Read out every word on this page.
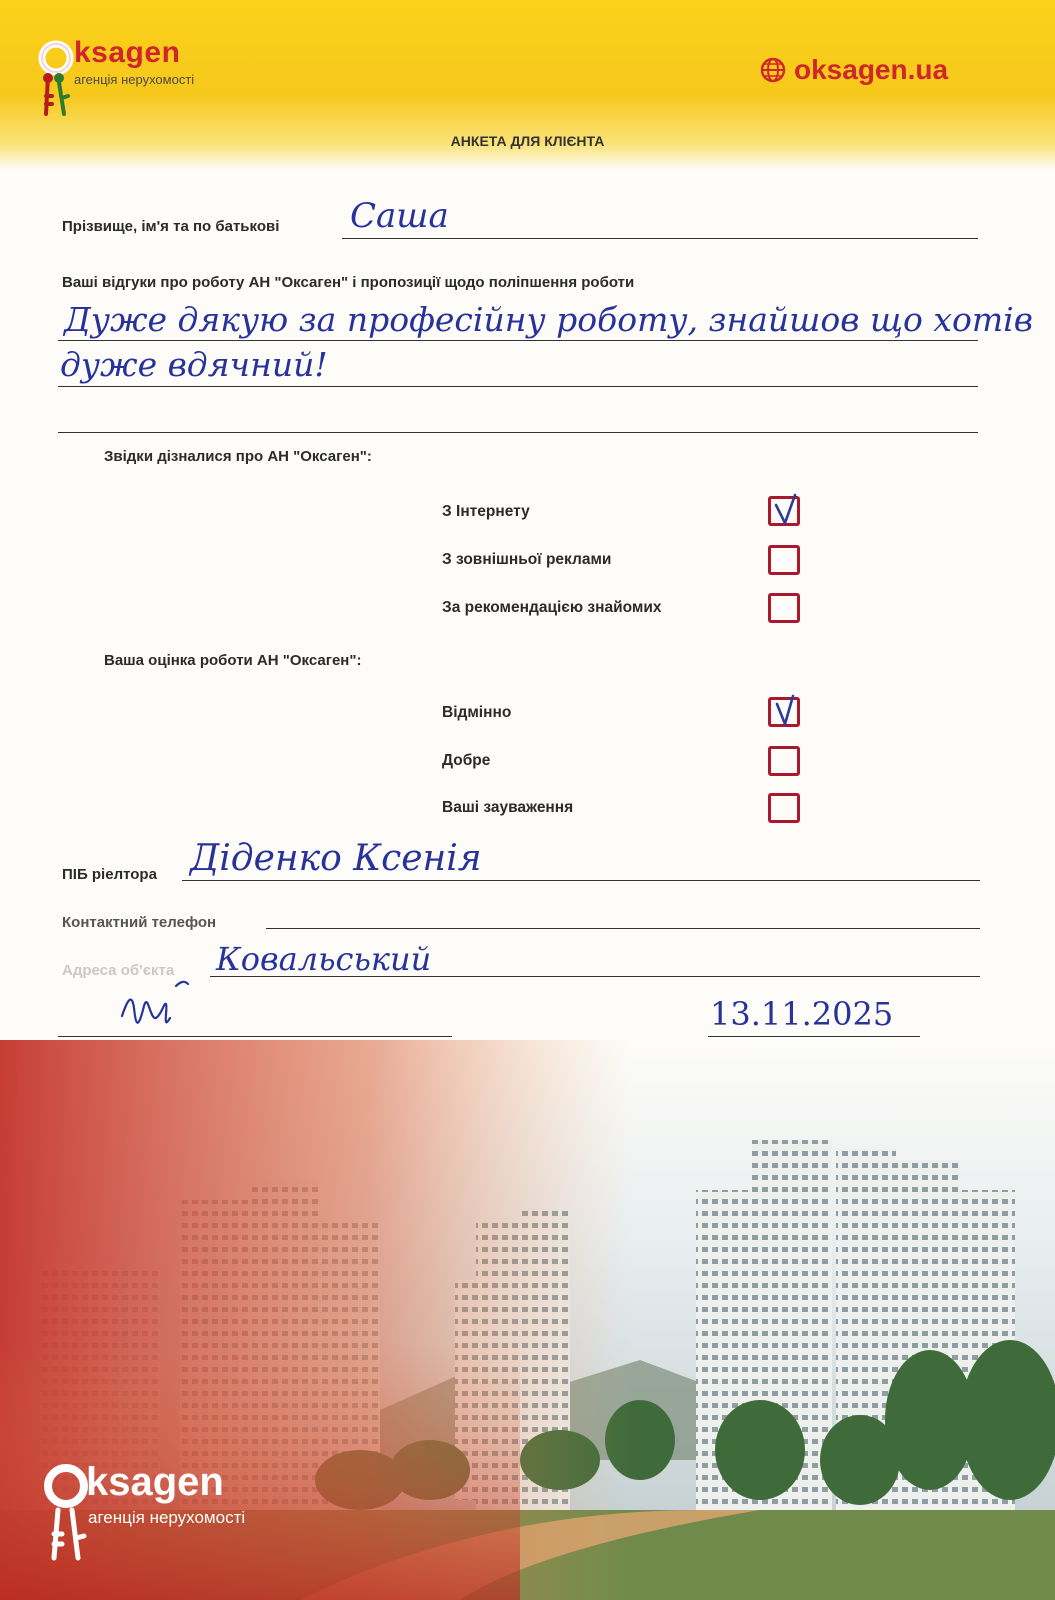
ksagen
агенція нерухомості	oksagen.ua
АНКЕТА ДЛЯ КЛІЄНТА
Прізвище, ім'я та по батькові Саша
Ваші відгуки про роботу АН "Оксаген" і пропозиції щодо поліпшення роботи
Дуже дякую за професійну роботу, знайшов що хотів
дуже вдячний!
Звідки дізналися про АН "Оксаген":
З Інтернету
З зовнішньої реклами
За рекомендацією знайомих
Ваша оцінка роботи АН "Оксаген":
Відмінно
Добре
Ваші зауваження
ПІБ ріелтора Діденко Ксенія
Контактний телефон
Адреса об'єкта Ковальський
13.11.2025
ksagen
агенція нерухомості
